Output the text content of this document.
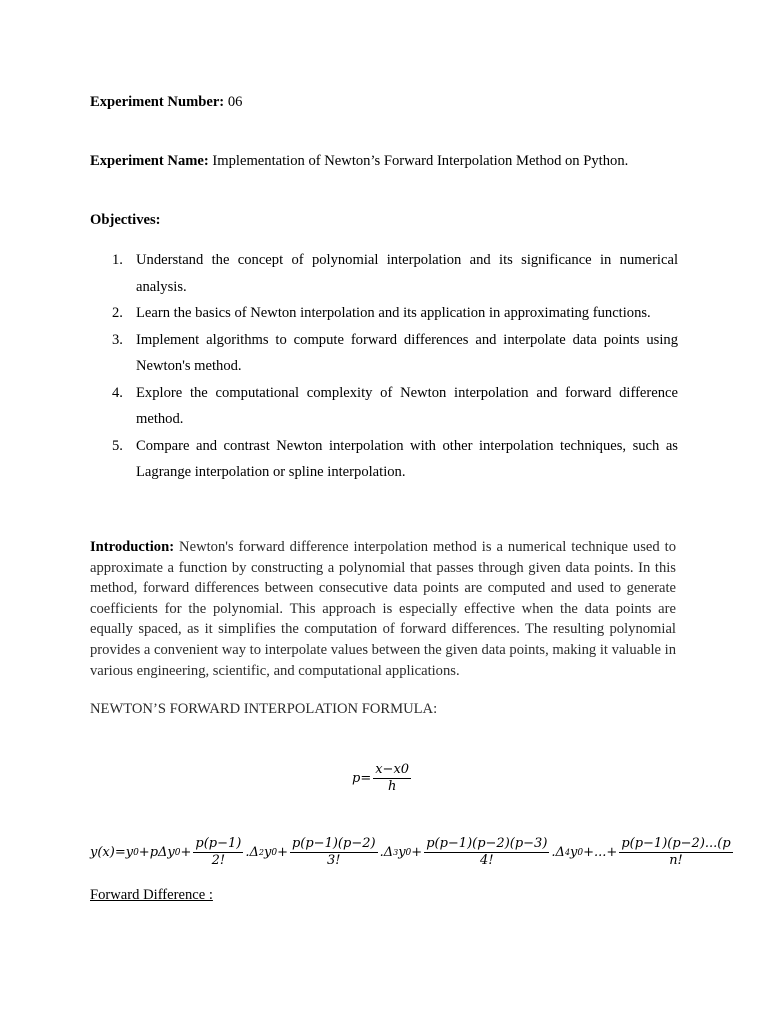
Experiment Number: 06
Experiment Name: Implementation of Newton’s Forward Interpolation Method on Python.
Objectives:
1. Understand the concept of polynomial interpolation and its significance in numerical analysis.
2. Learn the basics of Newton interpolation and its application in approximating functions.
3. Implement algorithms to compute forward differences and interpolate data points using Newton's method.
4. Explore the computational complexity of Newton interpolation and forward difference method.
5. Compare and contrast Newton interpolation with other interpolation techniques, such as Lagrange interpolation or spline interpolation.
Introduction: Newton's forward difference interpolation method is a numerical technique used to approximate a function by constructing a polynomial that passes through given data points. In this method, forward differences between consecutive data points are computed and used to generate coefficients for the polynomial. This approach is especially effective when the data points are equally spaced, as it simplifies the computation of forward differences. The resulting polynomial provides a convenient way to interpolate values between the given data points, making it valuable in various engineering, scientific, and computational applications.
NEWTON’S FORWARD INTERPOLATION FORMULA:
$p= \frac{x-x0}{h}$
y(x)=y 0 +pΔy $0 + \frac{p(p-1)}{2!} .\Delta$ 2 y $0 + \frac{p(p-1)(p-2)}{3!} .\Delta$ 3 y $0 + \frac{p(p-1)(p-2)(p-3)}{4!} .\Delta$ 4 y 0 +...+ $\frac{p(p-1)(p-2)...(p}{n!}$
Forward Difference :
